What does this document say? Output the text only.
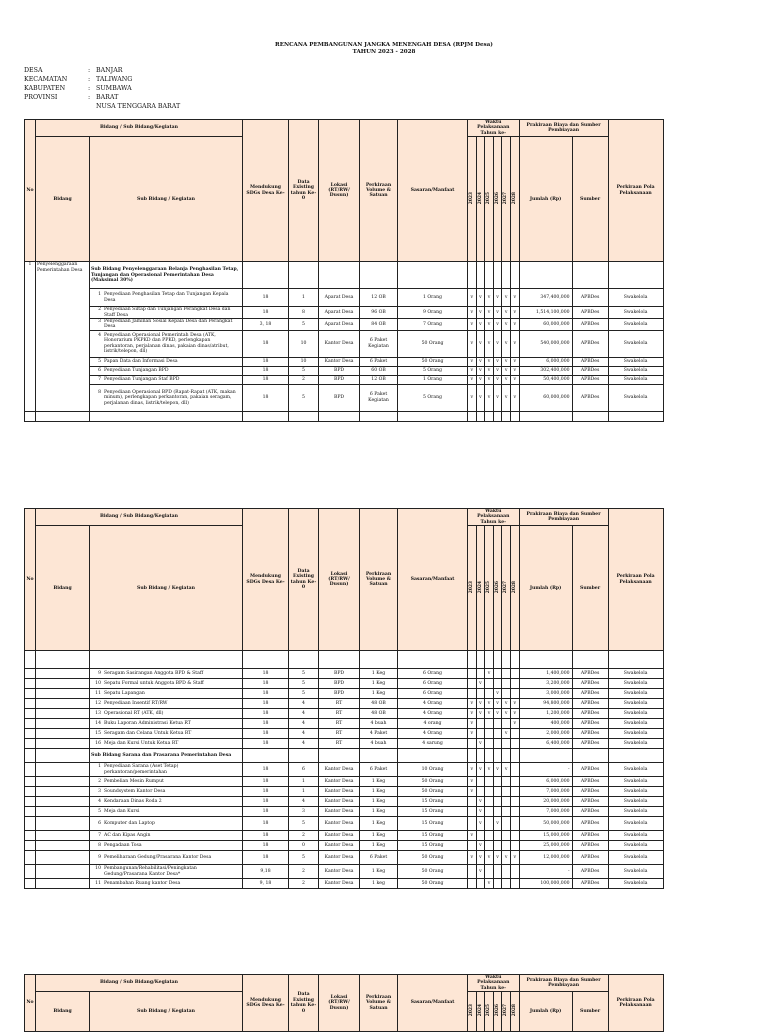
RENCANA PEMBANGUNAN JANGKA MENENGAH DESA (RPJM Desa)
TAHUN 2023 - 2028
DESA	: BANJAR
KECAMATAN	: TALIWANG
KABUPATEN	: SUMBAWA
PROVINSI	: BARAT
NUSA TENGGARA BARAT
No	Bidang / Sub Bidang/Kegiatan		Mendukung SDGs Desa Ke-	Data Existing tahun Ke-0	Lokasi (RT/RW/ Dusun)	Perkiraan Volume & Satuan	Sasaran/Manfaat	Waktu Pelaksanaan Tahun ke-						Prakiraan Biaya dan Sumber Pembiayaan		Perkiraan Pola Pelaksanaan
	Bidang	Sub Bidang / Kegiatan						2023	2024	2025	2026	2027	2028	Jumlah (Rp)	Sumber	
1	Penyelenggaraan Pemerintahan Desa	Sub Bidang Penyelenggaraan Belanja Penghasilan Tetap, Tunjangan dan Operasional Pemerintahan Desa (Maksimal 30%)														

		1 Penyediaan Penghasilan Tetap dan Tunjangan Kepala Desa	18	1	Aparat Desa	12 OB	1 Orang	v	v	v	v	v	v	347,400,000	APBDes	Swakelola

		2 Penyediaan Siltap dan Tunjangan Perangkat Desa dan Staff Desa	18	8	Aparat Desa	96 OB	9 Orang	v	v	v	v	v	v	1,514,100,000	APBDes	Swakelola

		3 Penyediaan Jaminan Sosial Kepala Desa dan Perangkat Desa	3, 18	5	Aparat Desa	84 OB	7 Orang	v	v	v	v	v	v	60,000,000	APBDes	Swakelola

		4 Penyediaan Operasional Pemerintah Desa (ATK, Honorarium PKPKD dan PPKD, perlengkapan perkantoran, perjalanan dinas, pakaian dinas/atribut, listrik/telepon, dll)	18	10	Kantor Desa	6 Paket Kegiatan	50 Orang	v	v	v	v	v	v	540,000,000	APBDes	Swakelola

		5 Papan Data dan Informasi Desa	18	10	Kantor Desa	6 Paket	50 Orang	v	v	v	v	v	v	6,000,000	APBDes	Swakelola

		6 Penyediaan Tunjangan BPD	18	5	BPD	60 OB	5 Orang	v	v	v	v	v	v	302,400,000	APBDes	Swakelola

		7 Penyediaan Tunjangan Staf BPD	18	2	BPD	12 OB	1 Orang	v	v	v	v	v	v	50,400,000	APBDes	Swakelola

		8 Penyediaan Operasional BPD (Rapat-Rapat (ATK, makan minum), perlengkapan perkantoran, pakaian seragam, perjalanan dinas, listrik/telepon, dll)	18	5	BPD	6 Paket Kegiatan	5 Orang	v	v	v	v	v	v	60,000,000	APBDes	Swakelola

No	Bidang / Sub Bidang/Kegiatan		Mendukung SDGs Desa Ke-	Data Existing tahun Ke-0	Lokasi (RT/RW/ Dusun)	Perkiraan Volume & Satuan	Sasaran/Manfaat	Waktu Pelaksanaan Tahun ke-						Prakiraan Biaya dan Sumber Pembiayaan		Perkiraan Pola Pelaksanaan
	Bidang	Sub Bidang / Kegiatan						2023	2024	2025	2026	2027	2028	Jumlah (Rp)	Sumber	

		9 Seragam Sasirangan Anggota BPD & Staff	18	5	BPD	1 Keg	6 Orang			v				1,400,000	APBDes	Swakelola

		10 Sepatu Formal untuk Anggota BPD & Staff	18	5	BPD	1 Keg	6 Orang		v					3,200,000	APBDes	Swakelola

		11 Sepatu Lapangan	18	5	BPD	1 Keg	6 Orang				v			3,000,000	APBDes	Swakelola

		12 Penyediaan Insentif RT/RW	18	4	RT	48 OB	4 Orang	v	v	v	v	v	v	94,800,000	APBDes	Swakelola

		13 Operasional RT (ATK, dll)	18	4	RT	48 OB	4 Orang	v	v	v	v	v	v	1,200,000	APBDes	Swakelola

		14 Buku Laporan Administrasi Ketua RT	18	4	RT	4 buah	4 orang	v					v	400,000	APBDes	Swakelola

		15 Seragam dan Celana Untuk Ketua RT	18	4	RT	4 Paket	4 Orang	v				v		2,000,000	APBDes	Swakelola

		16 Meja dan Kursi Untuk Ketua RT	18	4	RT	4 buah	4 sarung		v					6,400,000	APBDes	Swakelola
		Sub Bidang Sarana dan Prasarana Pemerintahan Desa														

		1 Penyediaan Sarana (Aset Tetap) perkantoran/pemerintahan	18	6	Kantor Desa	6 Paket	10 Orang	v	v	v	v	v		-	APBDes	Swakelola

		2 Pembelian Mesin Rumput	18	1	Kantor Desa	1 Keg	50 Orang	v						6,000,000	APBDes	Swakelola

		3 Soundsystem Kantor Desa	18	1	Kantor Desa	1 Keg	50 Orang	v						7,000,000	APBDes	Swakelola

		4 Kendaraan Dinas Roda 2	18	4	Kantor Desa	1 Keg	15 Orang		v					20,000,000	APBDes	Swakelola

		5 Meja dan Kursi	18	3	Kantor Desa	1 Keg	15 Orang		v					7,000,000	APBDes	Swakelola

		6 Komputer dan Laptop	18	5	Kantor Desa	1 Keg	15 Orang		v		v			50,000,000	APBDes	Swakelola

		7 AC dan Kipas Angin	18	2	Kantor Desa	1 Keg	15 Orang	v						15,000,000	APBDes	Swakelola

		8 Pengadaan Tosa	18	0	Kantor Desa	1 Keg	15 Orang		v					25,000,000	APBDes	Swakelola

		9 Pemeliharaan Gedung/Prasarana Kantor Desa	18	5	Kantor Desa	6 Paket	50 Orang	v	v	v	v	v	v	12,000,000	APBDes	Swakelola

		10 Pembangunan/Rehabilitasi/Peningkatan Gedung/Prasarana Kantor Desa*	9,18	2	Kantor Desa	1 Keg	50 Orang		v					-	APBDes	Swakelola

		11 Penambahan Ruang kantor Desa	9, 18	2	Kantor Desa	1 keg	50 Orang			v				100,000,000	APBDes	Swakelola
No	Bidang / Sub Bidang/Kegiatan		Mendukung SDGs Desa Ke-	Data Existing tahun Ke-0	Lokasi (RT/RW/ Dusun)	Perkiraan Volume & Satuan	Sasaran/Manfaat	Waktu Pelaksanaan Tahun ke-						Prakiraan Biaya dan Sumber Pembiayaan		Perkiraan Pola Pelaksanaan
	Bidang	Sub Bidang / Kegiatan						2023	2024	2025	2026	2027	2028	Jumlah (Rp)	Sumber	
